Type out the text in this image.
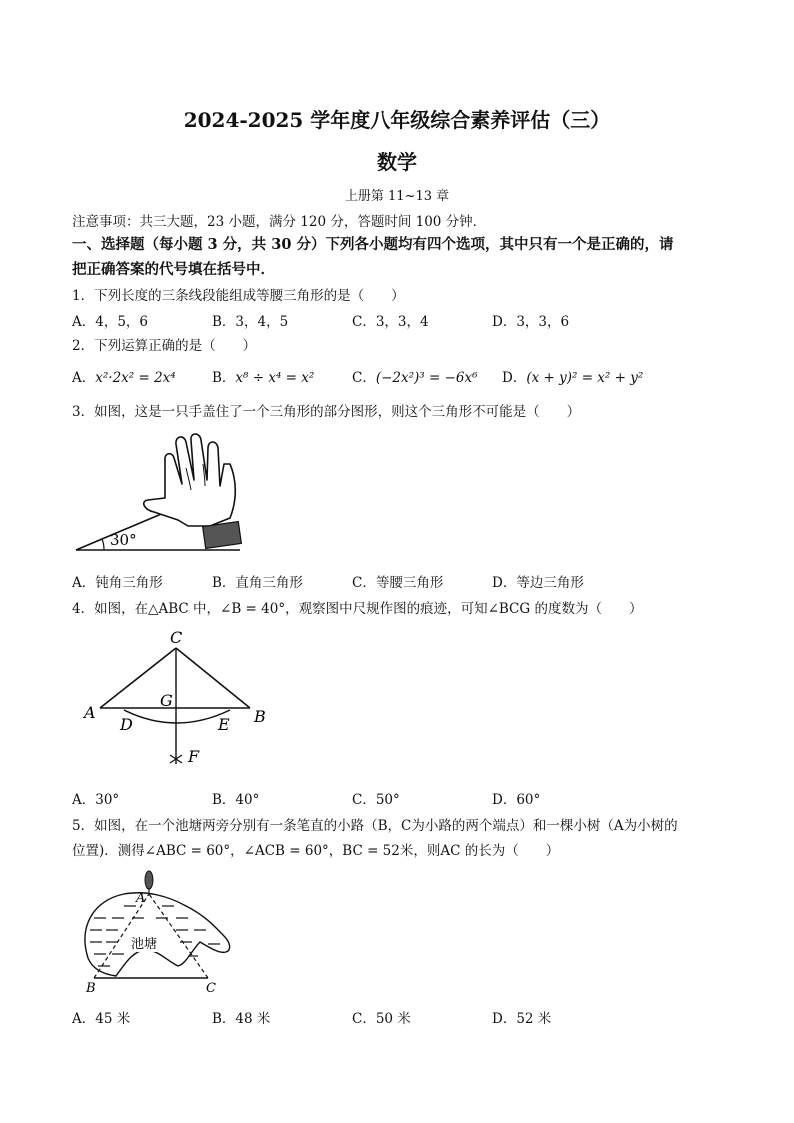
2024-2025 学年度八年级综合素养评估（三）
数学
上册第 11~13 章
注意事项：共三大题，23 小题，满分 120 分，答题时间 100 分钟．
一、选择题（每小题 3 分，共 30 分）下列各小题均有四个选项，其中只有一个是正确的，请
把正确答案的代号填在括号中．
1．下列长度的三条线段能组成等腰三角形的是（　　）
A．4，5，6	B．3，4，5	C．3，3，4	D．3，3，6
2．下列运算正确的是（　　）
A．x²·2x² = 2x⁴	B．x⁸ ÷ x⁴ = x²	C．(−2x²)³ = −6x⁶ D．(x + y)² = x² + y²
3．如图，这是一只手盖住了一个三角形的部分图形，则这个三角形不可能是（　　）
30°
A．钝角三角形	B．直角三角形	C．等腰三角形	D．等边三角形
4．如图，在△ABC 中，∠B = 40°，观察图中尺规作图的痕迹，可知∠BCG 的度数为（　　）
C
A	B
G
D	E
F
A．30°	B．40°	C．50°	D．60°
5．如图，在一个池塘两旁分别有一条笔直的小路（B，C为小路的两个端点）和一棵小树（A为小树的
位置)．测得∠ABC = 60°，∠ACB = 60°，BC = 52米，则AC 的长为（　　）
池塘
A
B	C
A．45 米	B．48 米	C．50 米	D．52 米
